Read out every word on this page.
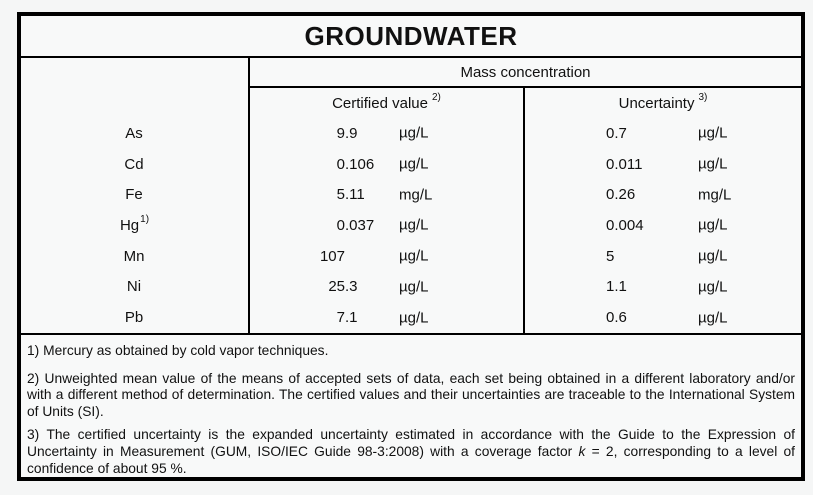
GROUNDWATER
Mass concentration
Certified value 2)	Uncertainty 3)
As	9 .9	µg/L	0.7	µg/L
Cd	0 .106 µg/L	0.011	µg/L
Fe	5 .11 mg/L	0.26	mg/L
Hg 1)	0 .037 µg/L	0.004	µg/L
Mn	107	µg/L	5	µg/L
Ni	25 .3	µg/L	1.1	µg/L
Pb	7 .1	µg/L	0.6	µg/L

1) Mercury as obtained by cold vapor techniques.

2) Unweighted mean value of the means of accepted sets of data, each set being obtained in a different laboratory and/or with a different method of determination. The certified values and their uncertainties are traceable to the International System of Units (SI).

3) The certified uncertainty is the expanded uncertainty estimated in accordance with the Guide to the Expression of Uncertainty in Measurement (GUM, ISO/IEC Guide 98-3:2008) with a coverage factor k = 2, corresponding to a level of confidence of about 95 %.
